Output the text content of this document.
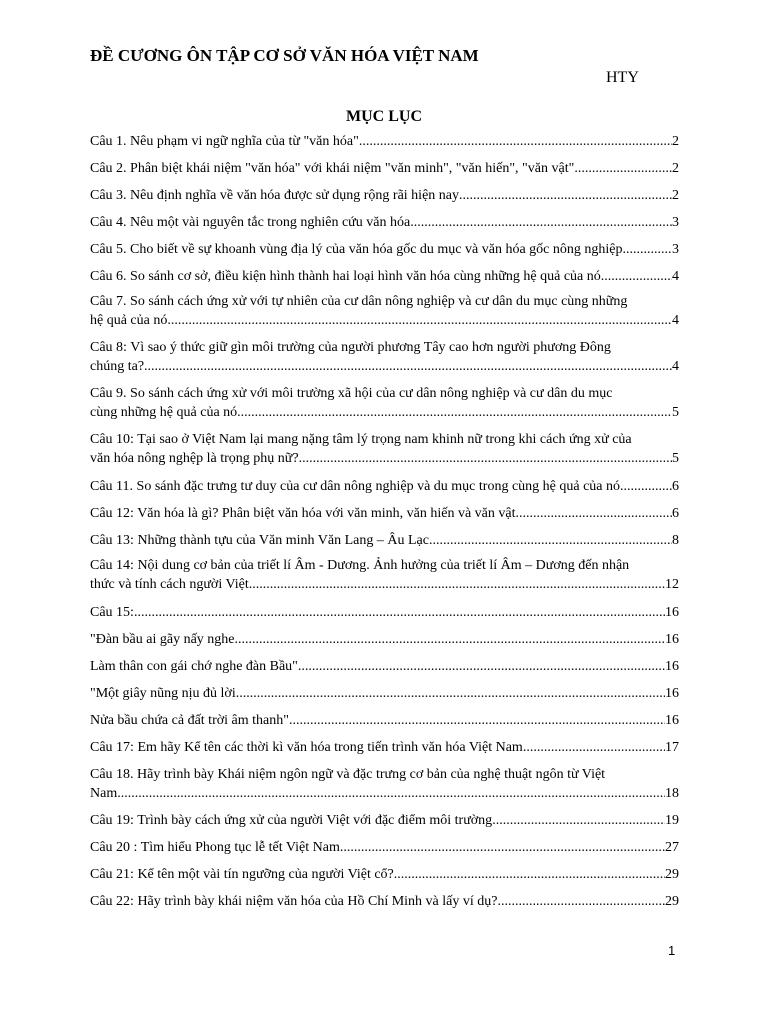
ĐỀ CƯƠNG ÔN TẬP CƠ SỞ VĂN HÓA VIỆT NAM
HTY
MỤC LỤC
Câu 1. Nêu phạm vi ngữ nghĩa của từ "văn hóa" .....	2
Câu 2. Phân biệt khái niệm "văn hóa" với khái niệm "văn minh", "văn hiến", "văn vật" .....	2
Câu 3. Nêu định nghĩa về văn hóa được sử dụng rộng rãi hiện nay .....	2
Câu 4. Nêu một vài nguyên tắc trong nghiên cứu văn hóa .....	3
Câu 5. Cho biết về sự khoanh vùng địa lý của văn hóa gốc du mục và văn hóa gốc nông nghiệp. .....	3
Câu 6. So sánh cơ sở, điều kiện hình thành hai loại hình văn hóa cùng những hệ quả của nó .....	4
Câu 7. So sánh cách ứng xử với tự nhiên của cư dân nông nghiệp và cư dân du mục cùng những
hệ quả của nó .....	4
Câu 8: Vì sao ý thức giữ gìn môi trường của người phương Tây cao hơn người phương Đông
chúng ta? .....	4
Câu 9. So sánh cách ứng xử với môi trường xã hội của cư dân nông nghiệp và cư dân du mục
cùng những hệ quả của nó .....	5
Câu 10: Tại sao ở Việt Nam lại mang nặng tâm lý trọng nam khinh nữ trong khi cách ứng xử của
văn hóa nông nghệp là trọng phụ nữ? .....	5
Câu 11. So sánh đặc trưng tư duy của cư dân nông nghiệp và du mục trong cùng hệ quả của nó. .....	6
Câu 12: Văn hóa là gì? Phân biệt văn hóa với văn minh, văn hiến và văn vật .....	6
Câu 13: Những thành tựu của Văn minh Văn Lang – Âu Lạc .....	8
Câu 14: Nội dung cơ bản của triết lí Âm - Dương. Ảnh hưởng của triết lí Âm – Dương đến nhận
thức và tính cách người Việt .....	12
Câu 15: .....	16
"Đàn bầu ai gãy nấy nghe .....	16
Làm thân con gái chớ nghe đàn Bầu" .....	16
"Một giây nũng nịu đủ lời .....	16
Nửa bầu chứa cả đất trời âm thanh" .....	16
Câu 17: Em hãy Kể tên các thời kì văn hóa trong tiến trình văn hóa Việt Nam .....	17
Câu 18. Hãy trình bày Khái niệm ngôn ngữ và đặc trưng cơ bản của nghệ thuật ngôn từ Việt
Nam .....	18
Câu 19: Trình bày cách ứng xử của người Việt với đặc điểm môi trường .....	19
Câu 20 : Tìm hiểu Phong tục lễ tết Việt Nam .....	27
Câu 21: Kể tên một vài tín ngưỡng của người Việt cổ? .....	29
Câu 22: Hãy trình bày khái niệm văn hóa của Hồ Chí Minh và lấy ví dụ? .....	29
1
